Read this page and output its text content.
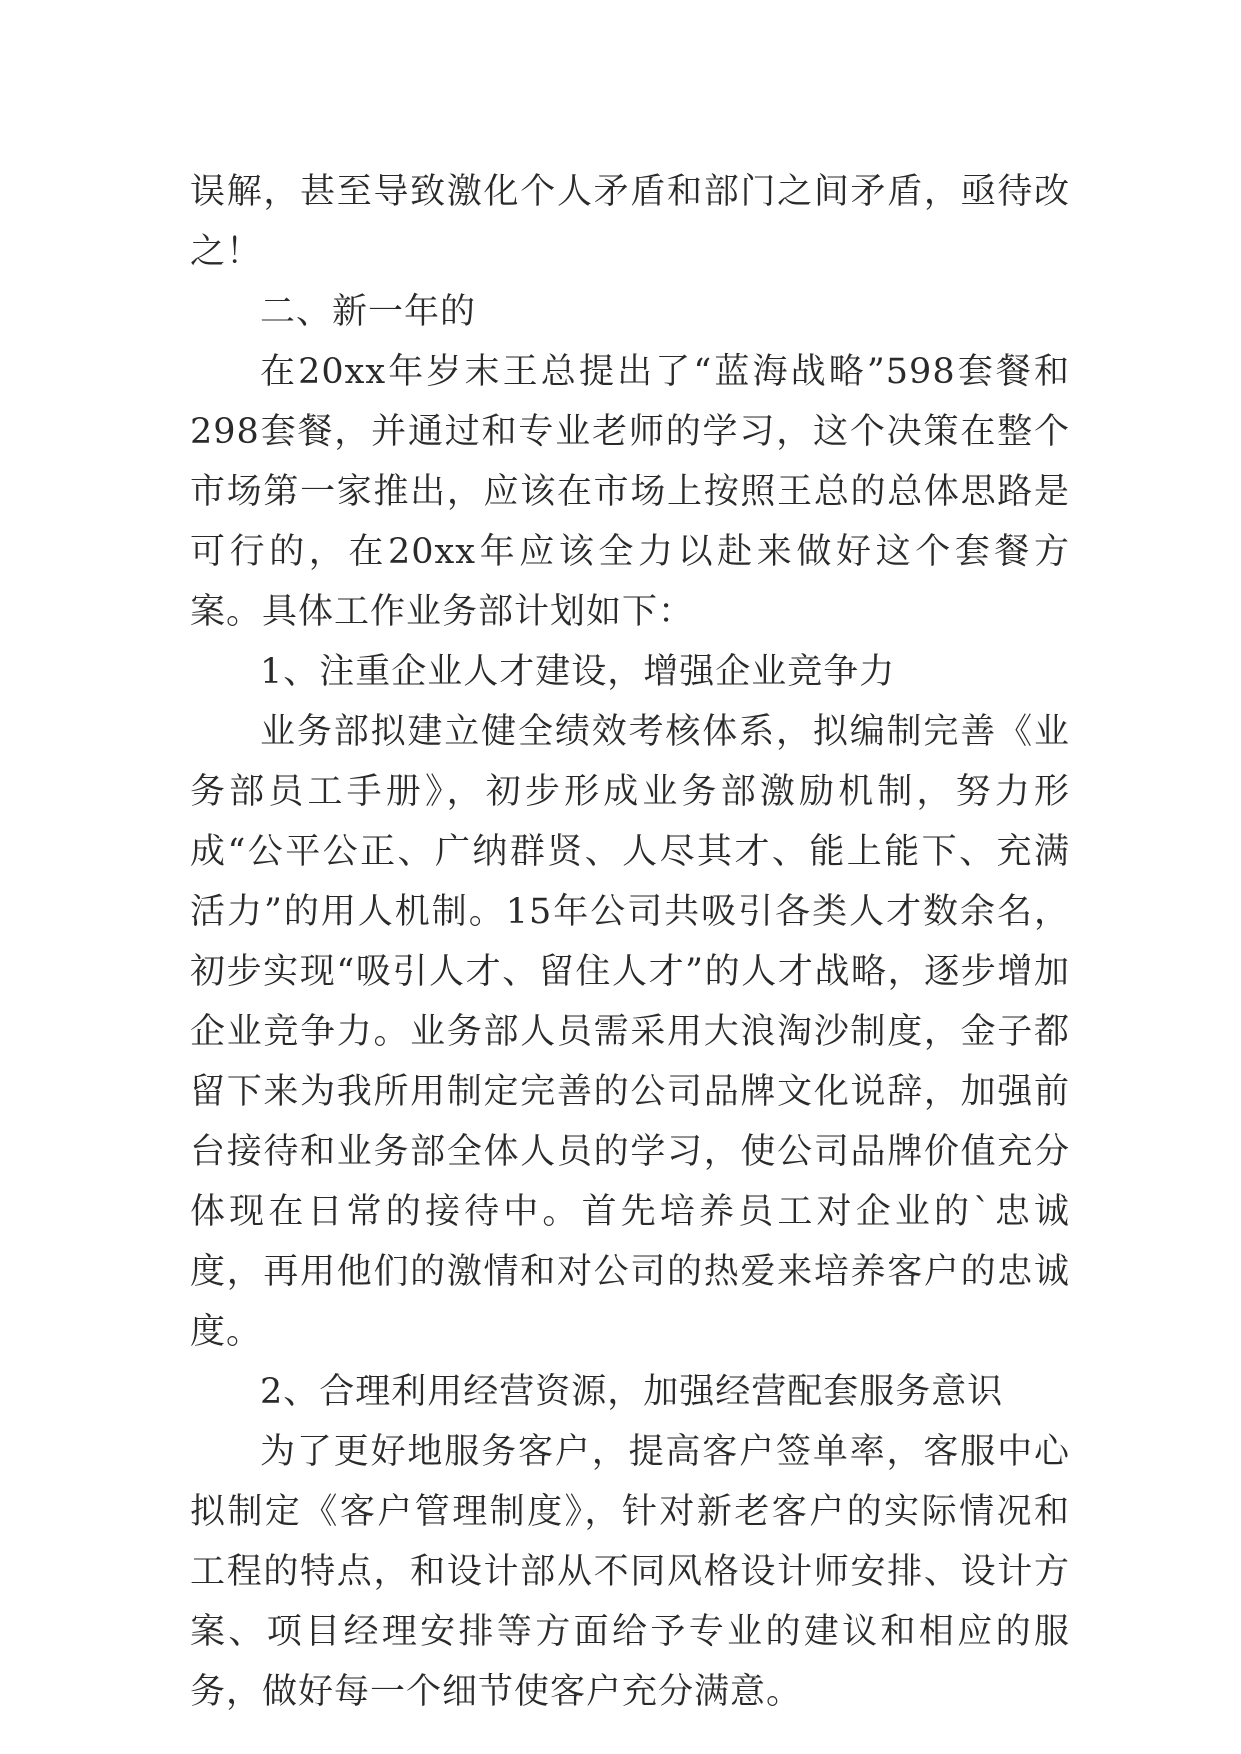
误解，甚至导致激化个人矛盾和部门之间矛盾，亟待改之！

二、新一年的

在20xx年岁末王总提出了“蓝海战略”598套餐和298套餐，并通过和专业老师的学习，这个决策在整个市场第一家推出，应该在市场上按照王总的总体思路是可行的，在20xx年应该全力以赴来做好这个套餐方案。具体工作业务部计划如下：

1、注重企业人才建设，增强企业竞争力

业务部拟建立健全绩效考核体系，拟编制完善《业务部员工手册》，初步形成业务部激励机制，努力形成“公平公正、广纳群贤、人尽其才、能上能下、充满活力”的用人机制。15年公司共吸引各类人才数余名，初步实现“吸引人才、留住人才”的人才战略，逐步增加企业竞争力。业务部人员需采用大浪淘沙制度，金子都留下来为我所用制定完善的公司品牌文化说辞，加强前台接待和业务部全体人员的学习，使公司品牌价值充分体现在日常的接待中。首先培养员工对企业的`忠诚度，再用他们的激情和对公司的热爱来培养客户的忠诚度。

2、合理利用经营资源，加强经营配套服务意识

为了更好地服务客户，提高客户签单率，客服中心拟制定《客户管理制度》，针对新老客户的实际情况和工程的特点，和设计部从不同风格设计师安排、设计方案、项目经理安排等方面给予专业的建议和相应的服务，做好每一个细节使客户充分满意。
